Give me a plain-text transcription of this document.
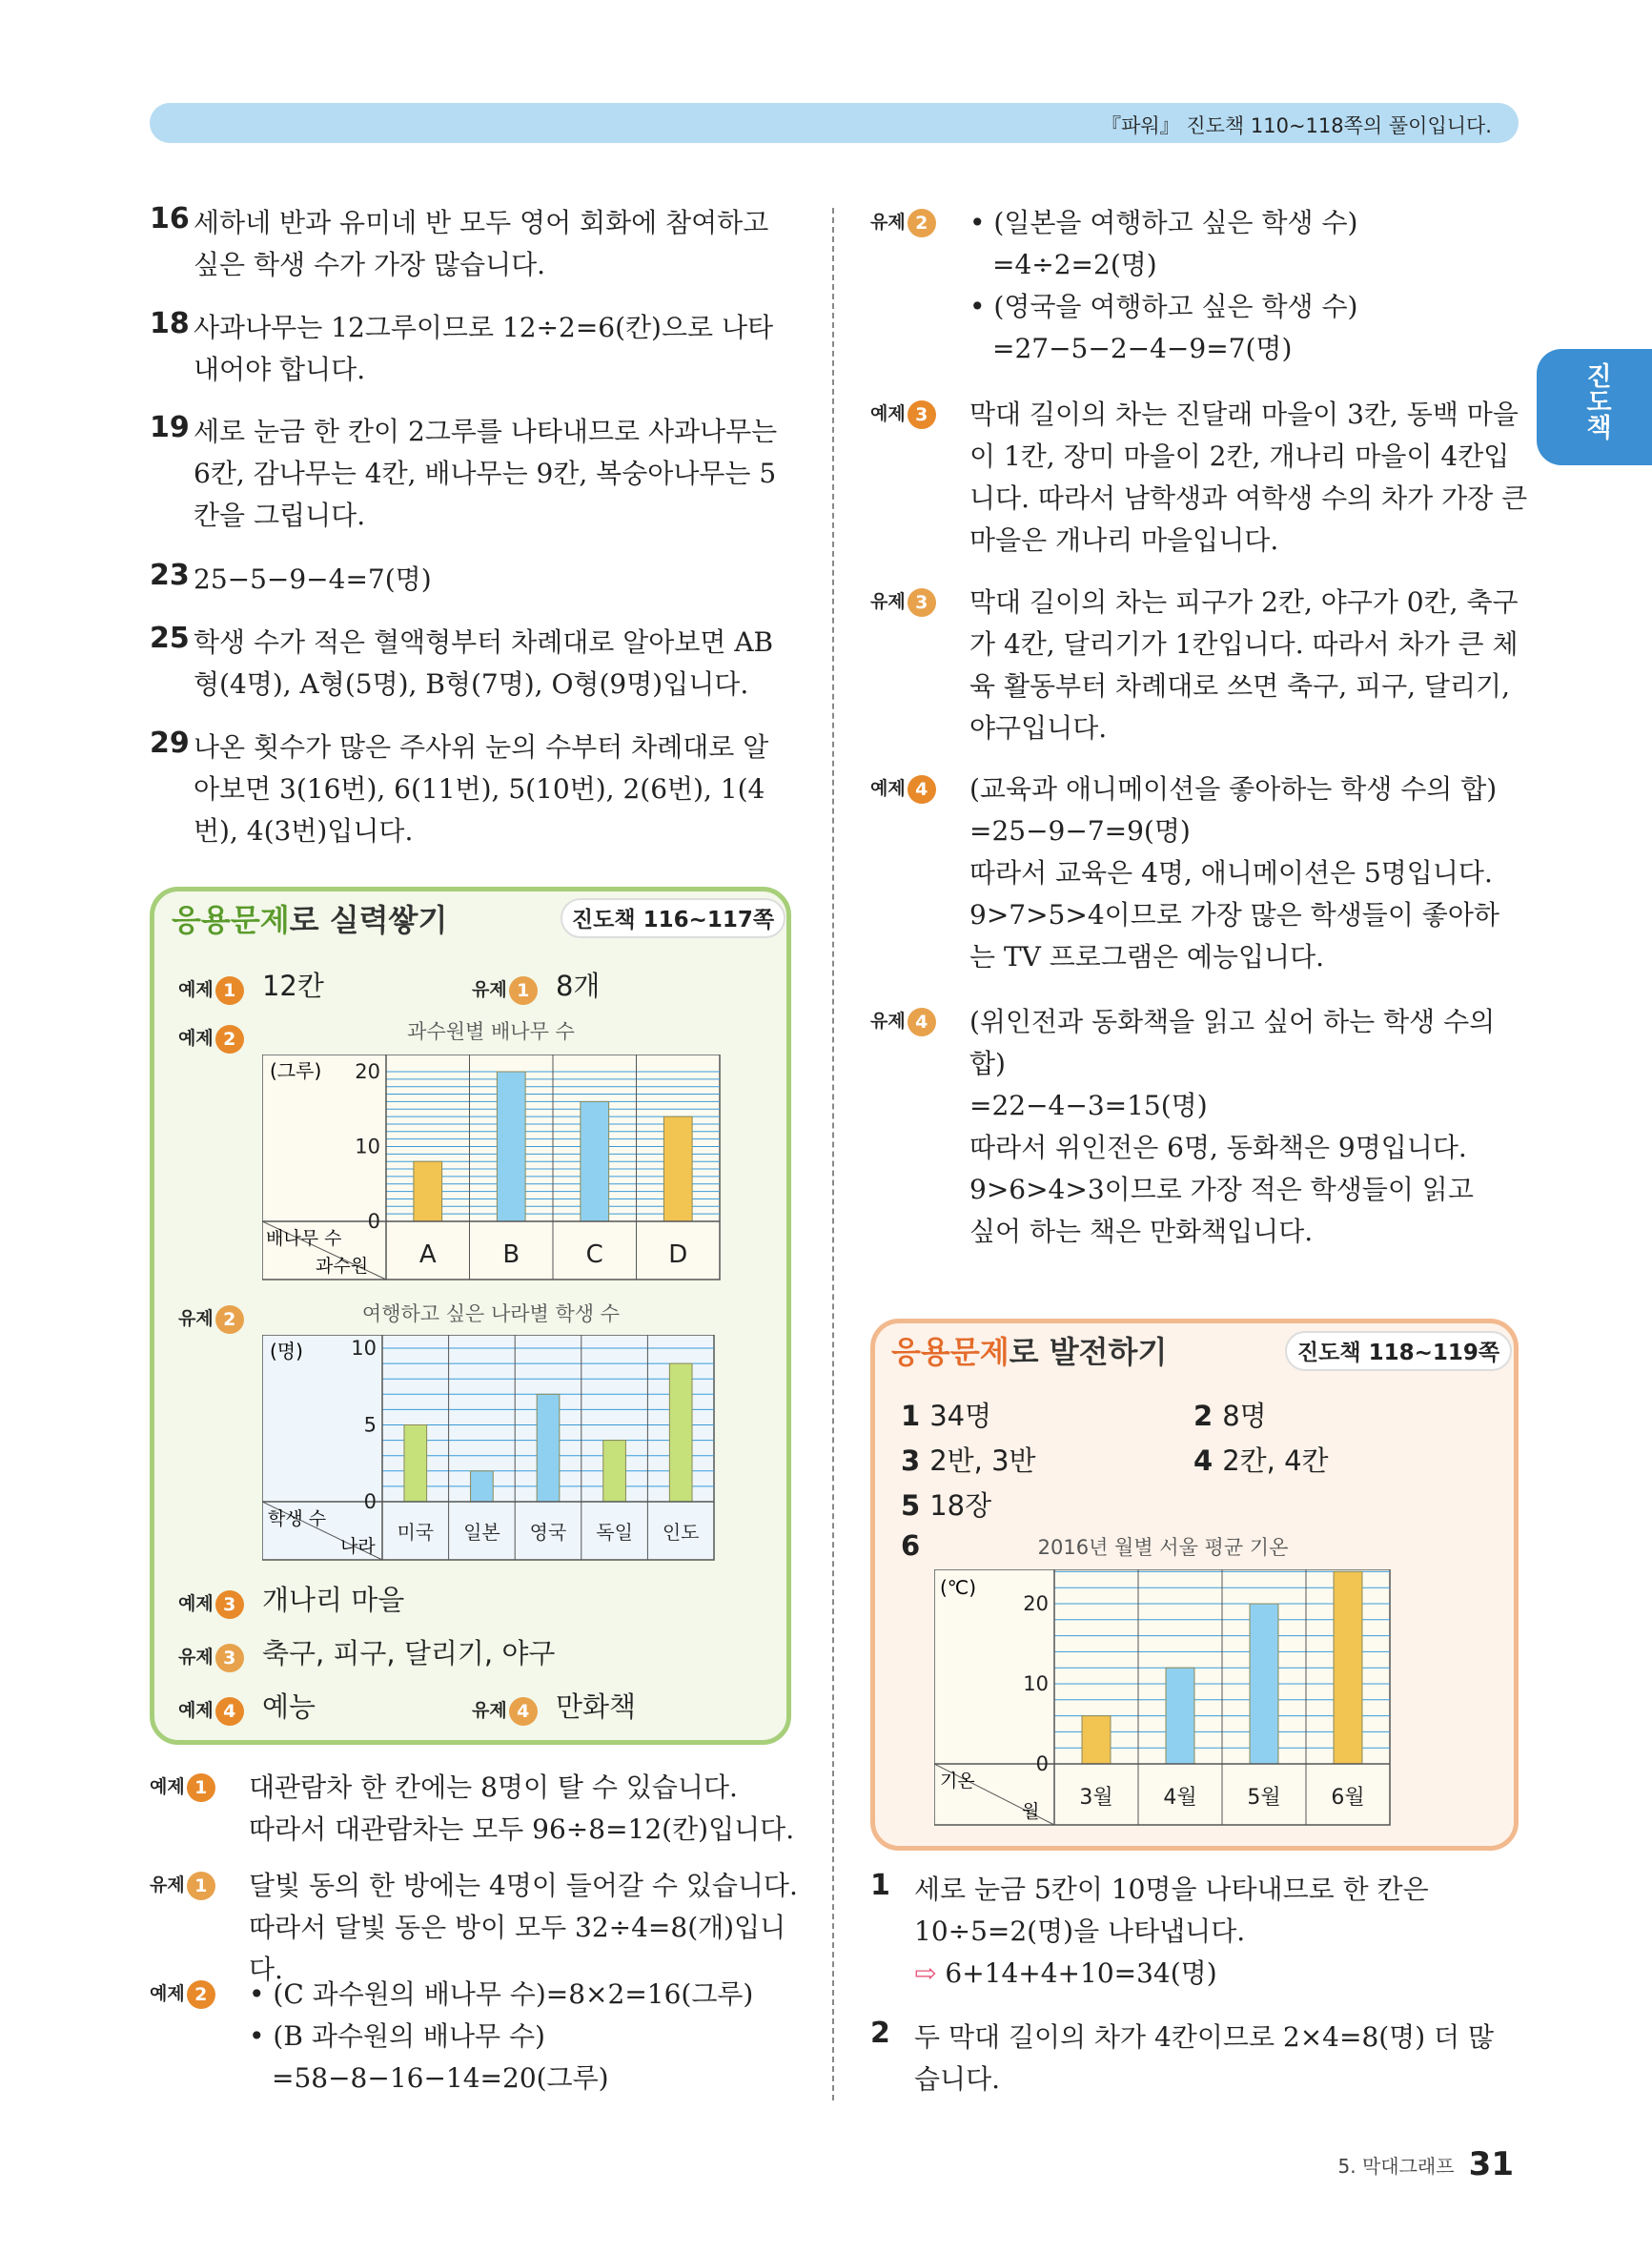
『파워』 진도책 110~118쪽의 풀이입니다.
진도책
16 세하네 반과 유미네 반 모두 영어 회화에 참여하고 싶은 학생 수가 가장 많습니다.
18 사과나무는 12그루이므로 12÷2=6(칸)으로 나타내어야 합니다.
19 세로 눈금 한 칸이 2그루를 나타내므로 사과나무는 6칸, 감나무는 4칸, 배나무는 9칸, 복숭아나무는 5칸을 그립니다.
23 25−5−9−4=7(명)
25 학생 수가 적은 혈액형부터 차례대로 알아보면 AB형(4명), A형(5명), B형(7명), O형(9명)입니다.
29 나온 횟수가 많은 주사위 눈의 수부터 차례대로 알아보면 3(16번), 6(11번), 5(10번), 2(6번), 1(4번), 4(3번)입니다.
응용문제로 실력쌓기	진도책 116~117쪽
예제 1 12칸	유제 1 8개
예제 2	과수원별 배나무 수
(그루)
0
10
20
배나무 수
과수원 A	B	C	D
유제 2	여행하고 싶은 나라별 학생 수
(명)
0
5
10
학생 수
나라
미국 일본 영국 독일 인도
예제 3 개나리 마을
유제 3 축구, 피구, 달리기, 야구
예제 4 예능	유제 4 만화책
예제 1 대관람차 한 칸에는 8명이 탈 수 있습니다.
따라서 대관람차는 모두 96÷8=12(칸)입니다.
유제 1 달빛 동의 한 방에는 4명이 들어갈 수 있습니다.
따라서 달빛 동은 방이 모두 32÷4=8(개)입니다.
예제 2 • (C 과수원의 배나무 수)=8×2=16(그루)
• (B 과수원의 배나무 수)
=58−8−16−14=20(그루)
유제 2 • (일본을 여행하고 싶은 학생 수)
=4÷2=2(명)
• (영국을 여행하고 싶은 학생 수)
=27−5−2−4−9=7(명)
예제 3 막대 길이의 차는 진달래 마을이 3칸, 동백 마을
이 1칸, 장미 마을이 2칸, 개나리 마을이 4칸입
니다. 따라서 남학생과 여학생 수의 차가 가장 큰
마을은 개나리 마을입니다.
유제 3 막대 길이의 차는 피구가 2칸, 야구가 0칸, 축구
가 4칸, 달리기가 1칸입니다. 따라서 차가 큰 체
육 활동부터 차례대로 쓰면 축구, 피구, 달리기,
야구입니다.
예제 4 (교육과 애니메이션을 좋아하는 학생 수의 합)
=25−9−7=9(명)
따라서 교육은 4명, 애니메이션은 5명입니다.
9>7>5>4이므로 가장 많은 학생들이 좋아하
는 TV 프로그램은 예능입니다.
유제 4 (위인전과 동화책을 읽고 싶어 하는 학생 수의 합)
=22−4−3=15(명)
따라서 위인전은 6명, 동화책은 9명입니다.
9>6>4>3이므로 가장 적은 학생들이 읽고
싶어 하는 책은 만화책입니다.
응용문제로 발전하기	진도책 118~119쪽
1 34명	2 8명
3 2반, 3반	4 2칸, 4칸
5 18장
6	2016년 월별 서울 평균 기온
(℃)
0
10
20
기온
월
3월 4월 5월 6월
1 세로 눈금 5칸이 10명을 나타내므로 한 칸은
10÷5=2(명)을 나타냅니다.
⇨ 6+14+4+10=34(명)
2 두 막대 길이의 차가 4칸이므로 2×4=8(명) 더 많
습니다.
5. 막대그래프 31
